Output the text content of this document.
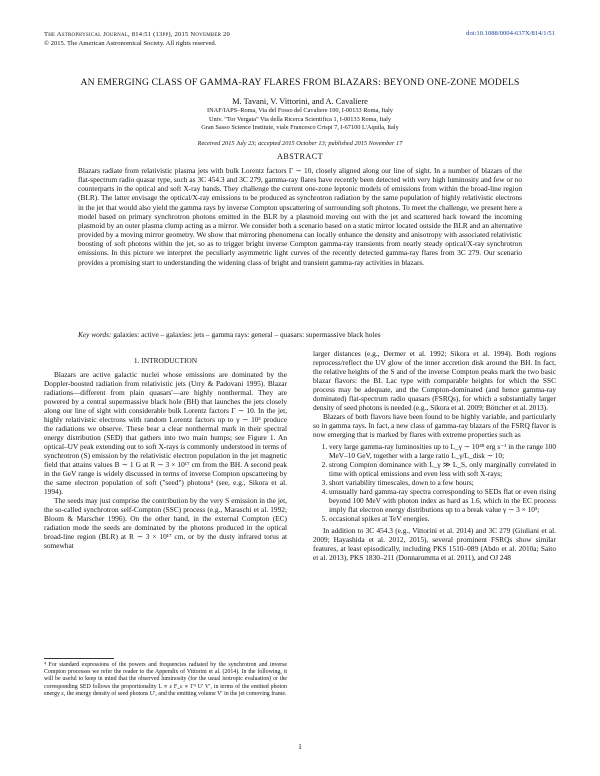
The Astrophysical Journal, 814:51 (13pp), 2015 November 20
© 2015. The American Astronomical Society. All rights reserved.
doi:10.1088/0004-637X/814/1/51
AN EMERGING CLASS OF GAMMA-RAY FLARES FROM BLAZARS: BEYOND ONE-ZONE MODELS
M. Tavani, V. Vittorini, and A. Cavaliere
INAF/IAPS–Roma, Via del Fosso del Cavaliere 100, I-00133 Roma, Italy
Univ. "Tor Vergata" Via della Ricerca Scientifica 1, I-00133 Roma, Italy
Gran Sasso Science Institute, viale Francesco Crispi 7, I-67100 L'Aquila, Italy
Received 2015 July 23; accepted 2015 October 13; published 2015 November 17
ABSTRACT
Blazars radiate from relativistic plasma jets with bulk Lorentz factors Γ ∼ 10, closely aligned along our line of sight. In a number of blazars of the flat-spectrum radio quasar type, such as 3C 454.3 and 3C 279, gamma-ray flares have recently been detected with very high luminosity and few or no counterparts in the optical and soft X-ray bands. They challenge the current one-zone leptonic models of emissions from within the broad-line region (BLR). The latter envisage the optical/X-ray emissions to be produced as synchrotron radiation by the same population of highly relativistic electrons in the jet that would also yield the gamma rays by inverse Compton upscattering of surrounding soft photons. To meet the challenge, we present here a model based on primary synchrotron photons emitted in the BLR by a plasmoid moving out with the jet and scattered back toward the incoming plasmoid by an outer plasma clump acting as a mirror. We consider both a scenario based on a static mirror located outside the BLR and an alternative provided by a moving mirror geometry. We show that mirroring phenomena can locally enhance the density and anisotropy with associated relativistic boosting of soft photons within the jet, so as to trigger bright inverse Compton gamma-ray transients from nearly steady optical/X-ray synchrotron emissions. In this picture we interpret the peculiarly asymmetric light curves of the recently detected gamma-ray flares from 3C 279. Our scenario provides a promising start to understanding the widening class of bright and transient gamma-ray activities in blazars.
Key words: galaxies: active – galaxies: jets – gamma rays: general – quasars: supermassive black holes
1. INTRODUCTION

Blazars are active galactic nuclei whose emissions are dominated by the Doppler-boosted radiation from relativistic jets (Urry & Padovani 1995). Blazar radiations—different from plain quasars'—are highly nonthermal. They are powered by a central supermassive black hole (BH) that launches the jets closely along our line of sight with considerable bulk Lorentz factors Γ ∼ 10. In the jet, highly relativistic electrons with random Lorentz factors up to γ ∼ 10³ produce the radiations we observe. These bear a clear nonthermal mark in their spectral energy distribution (SED) that gathers into two main humps; see Figure 1. An optical–UV peak extending out to soft X-rays is commonly understood in terms of synchrotron (S) emission by the relativistic electron population in the jet magnetic field that attains values B ∼ 1 G at R ∼ 3 × 10¹⁷ cm from the BH. A second peak in the GeV range is widely discussed in terms of inverse Compton upscattering by the same electron population of soft ("seed") photons⁴ (see, e.g., Sikora et al. 1994).

The seeds may just comprise the contribution by the very S emission in the jet, the so-called synchrotron self-Compton (SSC) process (e.g., Maraschi et al. 1992; Bloom & Marscher 1996). On the other hand, in the external Compton (EC) radiation mode the seeds are dominated by the photons produced in the optical broad-line region (BLR) at R ∼ 3 × 10¹⁷ cm, or by the dusty infrared torus at somewhat

⁴ For standard expressions of the powers and frequencies radiated by the synchrotron and inverse Compton processes we refer the reader to the Appendix of Vittorini et al. (2014). In the following, it will be useful to keep in mind that the observed luminosity (for the usual isotropic evaluation) or the corresponding SED follows the proportionality L ∝ ε F_ε ∝ Γ⁴ U′ V′, in terms of the emitted photon energy ε, the energy density of seed photons U′, and the emitting volume V′ in the jet comoving frame.

larger distances (e.g., Dermer et al. 1992; Sikora et al. 1994). Both regions reprocess/reflect the UV glow of the inner accretion disk around the BH. In fact, the relative heights of the S and of the inverse Compton peaks mark the two basic blazar flavors: the BL Lac type with comparable heights for which the SSC process may be adequate, and the Compton-dominated (and hence gamma-ray dominated) flat-spectrum radio quasars (FSRQs), for which a substantially larger density of seed photons is needed (e.g., Sikora et al. 2009; Böttcher et al. 2013).

Blazars of both flavors have been found to be highly variable, and particularly so in gamma rays. In fact, a new class of gamma-ray blazars of the FSRQ flavor is now emerging that is marked by flares with extreme properties such as

1. very large gamma-ray luminosities up to L_γ ∼ 10⁴⁸ erg s⁻¹ in the range 100 MeV–10 GeV, together with a large ratio L_γ/L_disk ∼ 10;
2. strong Compton dominance with L_γ ≫ L_S, only marginally correlated in time with optical emissions and even less with soft X-rays;
3. short variability timescales, down to a few hours;
4. unusually hard gamma-ray spectra corresponding to SEDs flat or even rising beyond 100 MeV with photon index as hard as 1.6, which in the EC process imply flat electron energy distributions up to a break value γ ∼ 3 × 10³;
5. occasional spikes at TeV energies.

In addition to 3C 454.3 (e.g., Vittorini et al. 2014) and 3C 279 (Giuliani et al. 2009; Hayashida et al. 2012, 2015), several prominent FSRQs show similar features, at least episodically, including PKS 1510–089 (Abdo et al. 2010a; Saito et al. 2013), PKS 1830–211 (Donnarumma et al. 2011), and OJ 248

1
